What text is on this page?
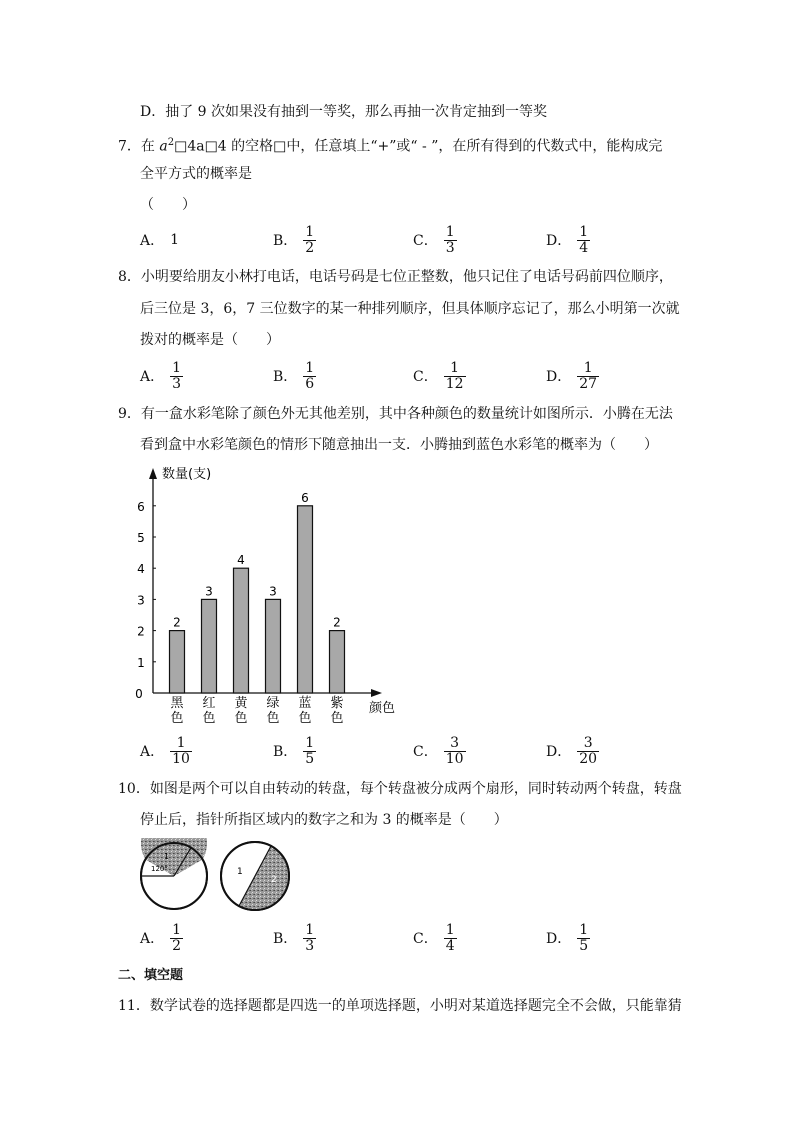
D．抽了 9 次如果没有抽到一等奖，那么再抽一次肯定抽到一等奖
7．在 $a^2□4a□4$ 的空格□中，任意填上“+”或“ - ”，在所有得到的代数式中，能构成完
全平方式的概率是
（　　）
A． 1	B． $\frac{1}{2}$	C． $\frac{1}{3}$	D． $\frac{1}{4}$
8．小明要给朋友小林打电话，电话号码是七位正整数，他只记住了电话号码前四位顺序，
后三位是 3，6，7 三位数字的某一种排列顺序，但具体顺序忘记了，那么小明第一次就
拨对的概率是（　　）
A． $\frac{1}{3}$	B． $\frac{1}{6}$	C． $\frac{1}{12}$	D． $\frac{1}{27}$
9．有一盒水彩笔除了颜色外无其他差别，其中各种颜色的数量统计如图所示．小腾在无法
看到盒中水彩笔颜色的情形下随意抽出一支．小腾抽到蓝色水彩笔的概率为（　　）
数量(支)
颜色
0
1
2
3
4
5
6
2
黑
色
3
红
色
4
黄
色
3
绿
色
6
蓝
色
2
紫
色
A． $\frac{1}{10}$	B． $\frac{1}{5}$	C． $\frac{3}{10}$	D． $\frac{3}{20}$
10．如图是两个可以自由转动的转盘，每个转盘被分成两个扇形，同时转动两个转盘，转盘
停止后，指针所指区域内的数字之和为 3 的概率是（　　）
1
120°
2
1
2
A． $\frac{1}{2}$	B． $\frac{1}{3}$	C． $\frac{1}{4}$	D． $\frac{1}{5}$
二、填空题
11．数学试卷的选择题都是四选一的单项选择题，小明对某道选择题完全不会做，只能靠猜
